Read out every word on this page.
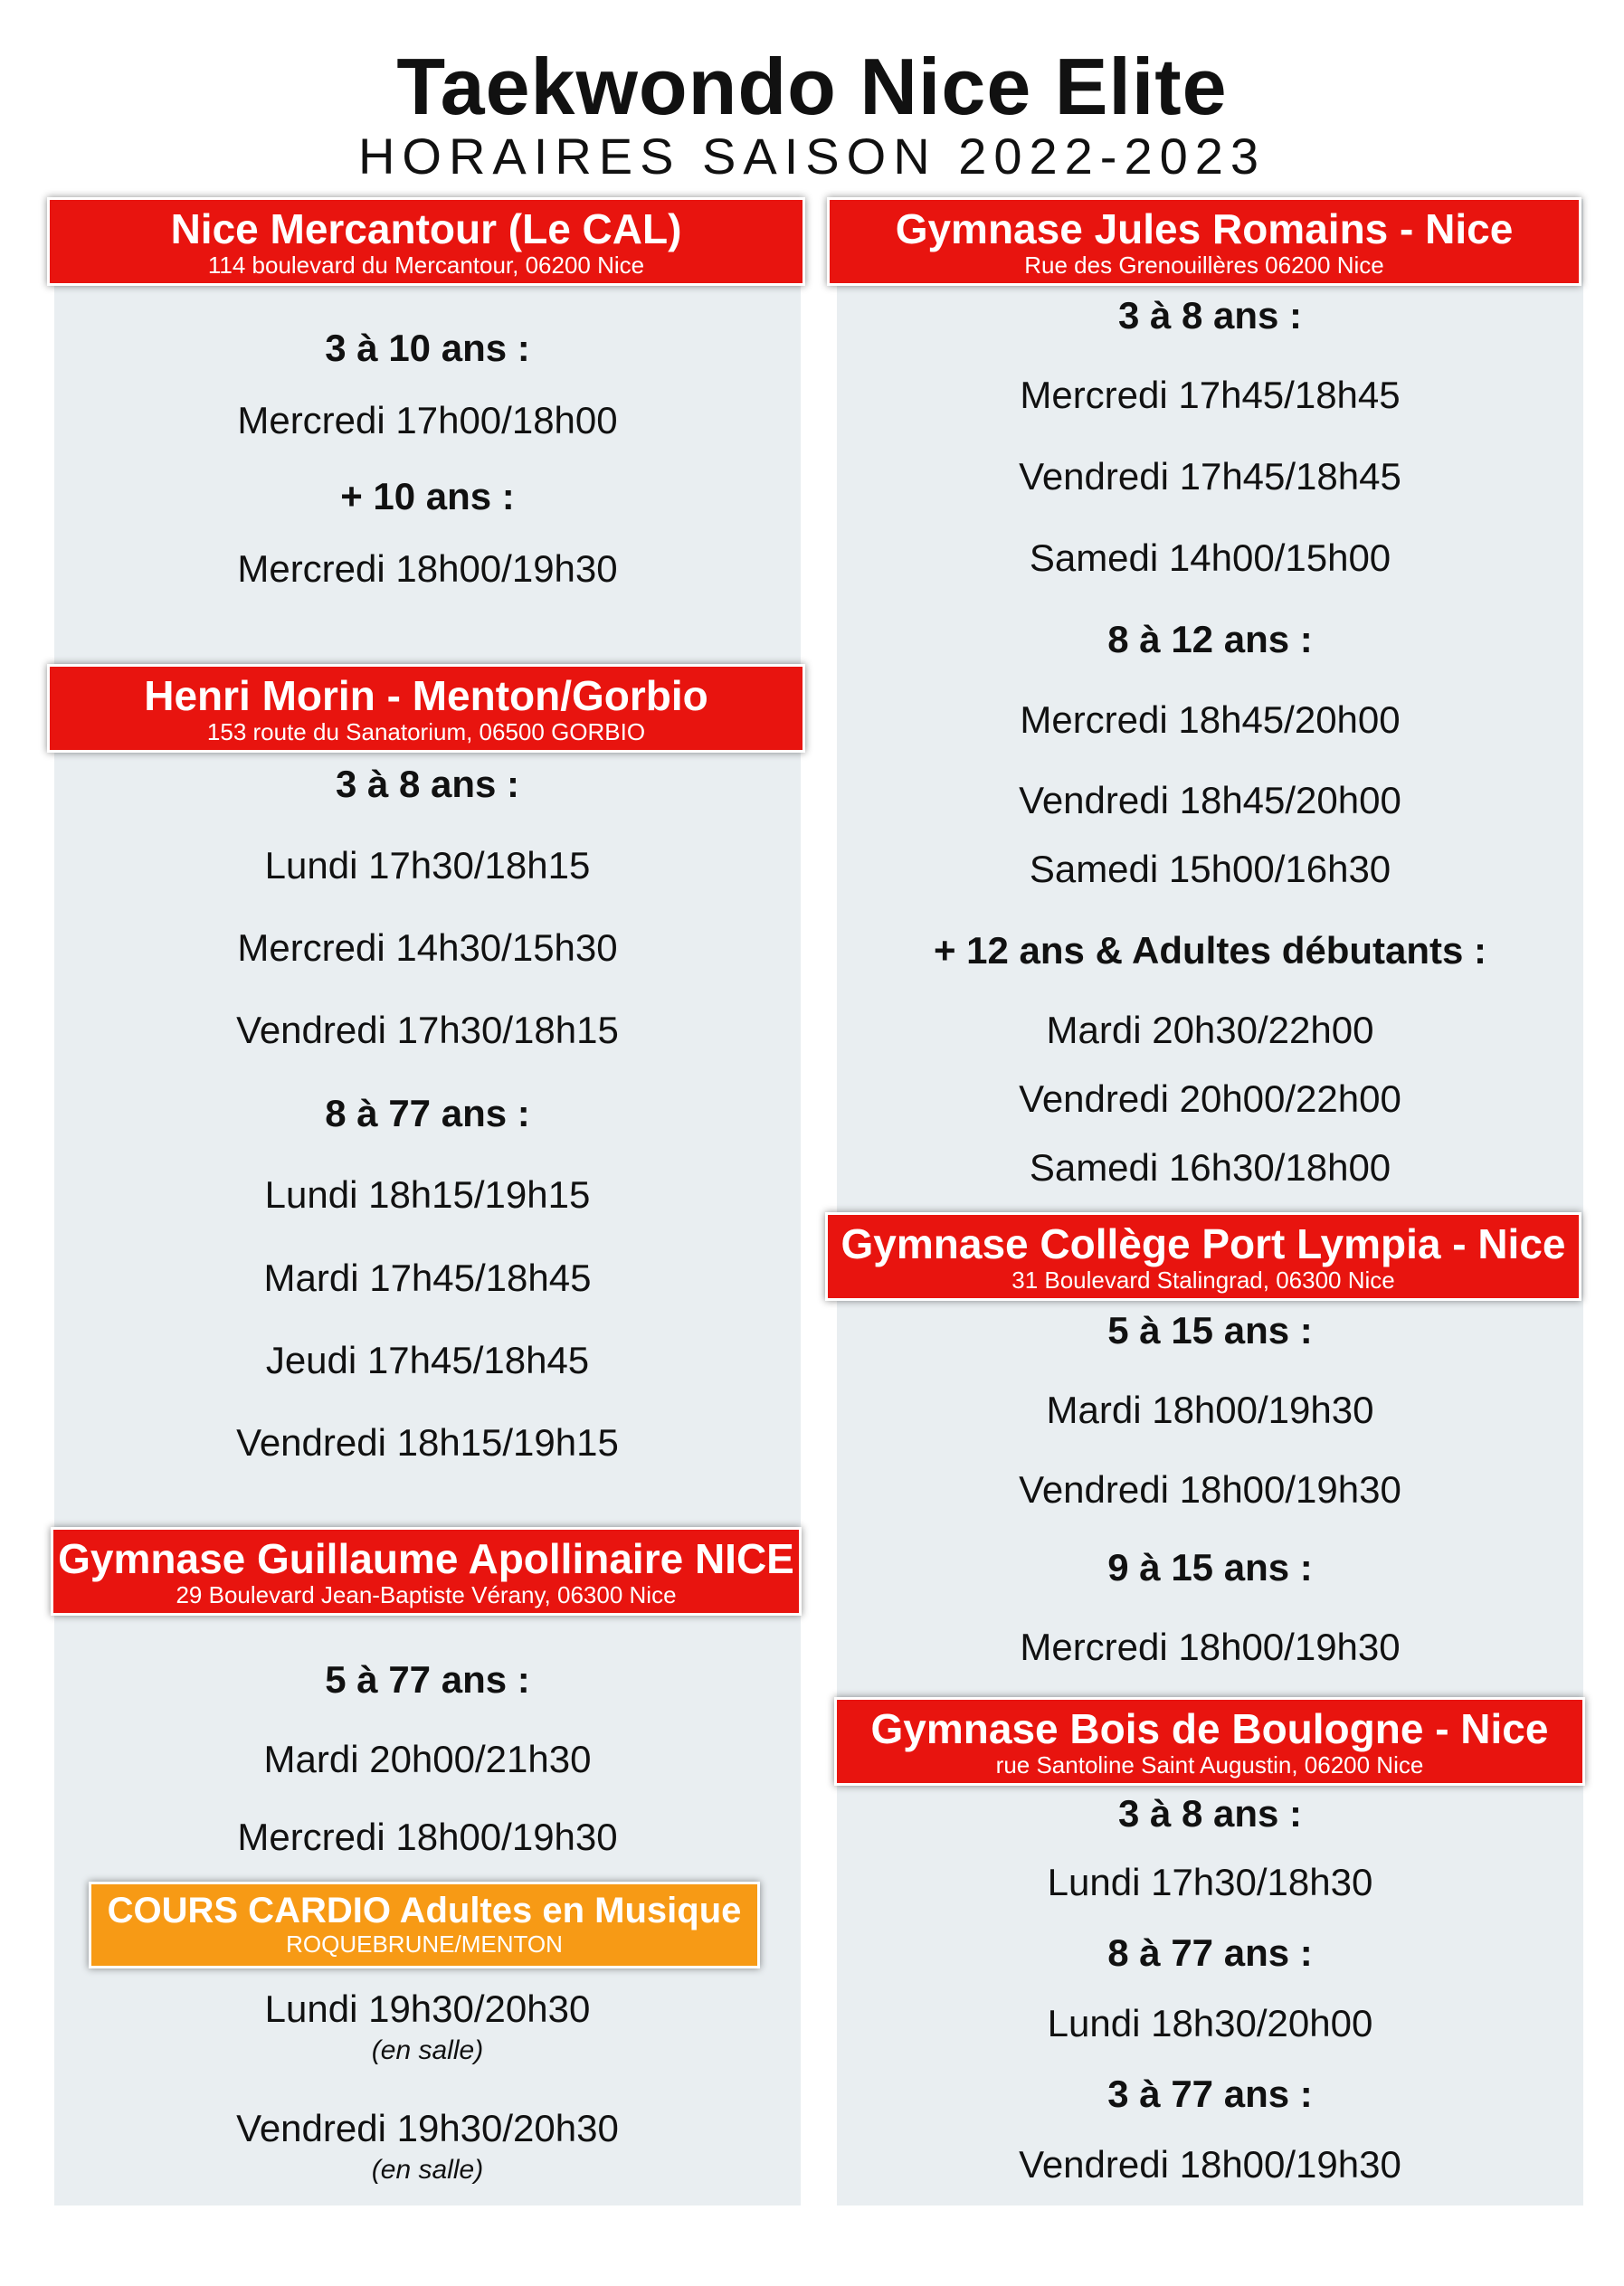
Taekwondo Nice Elite
HORAIRES SAISON 2022-2023
Nice Mercantour (Le CAL)
114 boulevard du Mercantour, 06200 Nice
Henri Morin - Menton/Gorbio
153 route du Sanatorium, 06500 GORBIO
Gymnase Guillaume Apollinaire NICE
29 Boulevard Jean-Baptiste Vérany, 06300 Nice
COURS CARDIO Adultes en Musique
ROQUEBRUNE/MENTON
3 à 10 ans :
Mercredi 17h00/18h00
+ 10 ans :
Mercredi 18h00/19h30
3 à 8 ans :
Lundi 17h30/18h15
Mercredi 14h30/15h30
Vendredi 17h30/18h15
8 à 77 ans :
Lundi 18h15/19h15
Mardi 17h45/18h45
Jeudi 17h45/18h45
Vendredi 18h15/19h15
5 à 77 ans :
Mardi 20h00/21h30
Mercredi 18h00/19h30
Lundi 19h30/20h30
(en salle)
Vendredi 19h30/20h30
(en salle)
Gymnase Jules Romains - Nice
Rue des Grenouillères 06200 Nice
Gymnase Collège Port Lympia - Nice
31 Boulevard Stalingrad, 06300 Nice
Gymnase Bois de Boulogne - Nice
rue Santoline Saint Augustin, 06200 Nice
3 à 8 ans :
Mercredi 17h45/18h45
Vendredi 17h45/18h45
Samedi 14h00/15h00
8 à 12 ans :
Mercredi 18h45/20h00
Vendredi 18h45/20h00
Samedi 15h00/16h30
+ 12 ans & Adultes débutants :
Mardi 20h30/22h00
Vendredi 20h00/22h00
Samedi 16h30/18h00
5 à 15 ans :
Mardi 18h00/19h30
Vendredi 18h00/19h30
9 à 15 ans :
Mercredi 18h00/19h30
3 à 8 ans :
Lundi 17h30/18h30
8 à 77 ans :
Lundi 18h30/20h00
3 à 77 ans :
Vendredi 18h00/19h30
